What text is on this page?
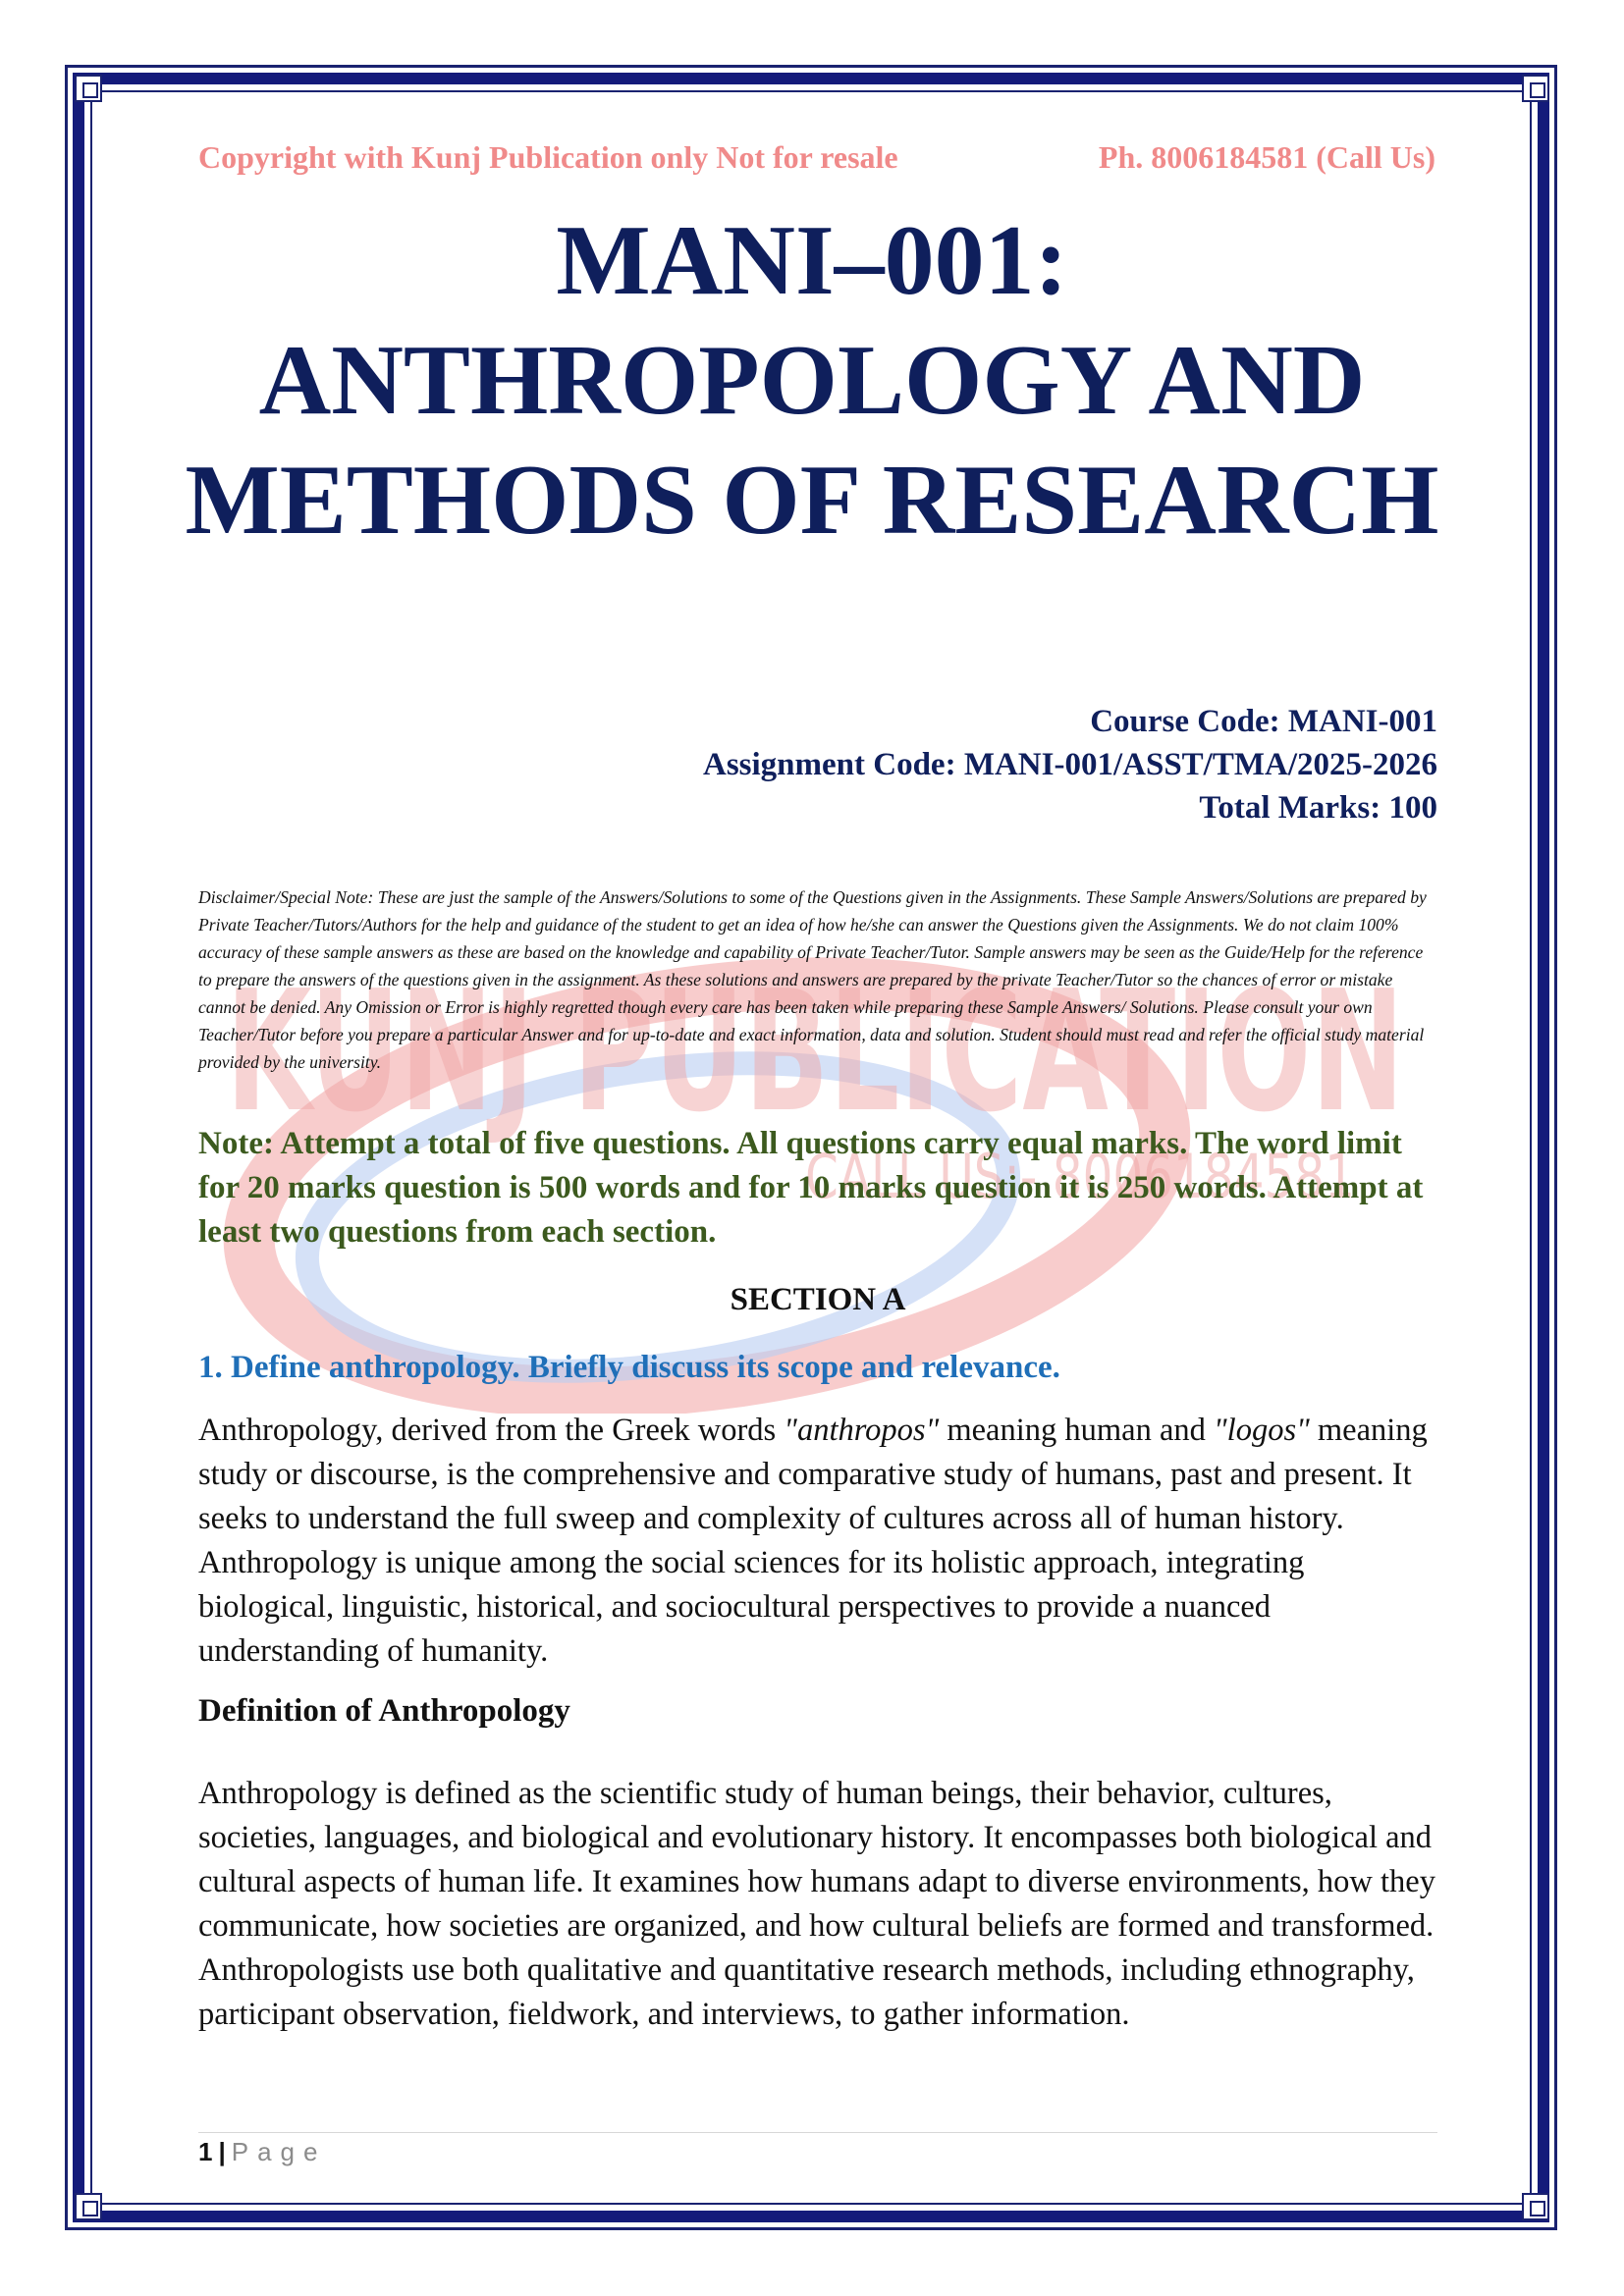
KUNJ PUBLICATION
CALL US:- 8006184581
Copyright with Kunj Publication only Not for resale	Ph. 8006184581 (Call Us)
MANI–001:
ANTHROPOLOGY AND
METHODS OF RESEARCH
Course Code: MANI-001
Assignment Code: MANI-001/ASST/TMA/2025-2026
Total Marks: 100
Disclaimer/Special Note: These are just the sample of the Answers/Solutions to some of the Questions given in the Assignments. These Sample Answers/Solutions are prepared by Private Teacher/Tutors/Authors for the help and guidance of the student to get an idea of how he/she can answer the Questions given the Assignments. We do not claim 100% accuracy of these sample answers as these are based on the knowledge and capability of Private Teacher/Tutor. Sample answers may be seen as the Guide/Help for the reference to prepare the answers of the questions given in the assignment. As these solutions and answers are prepared by the private Teacher/Tutor so the chances of error or mistake cannot be denied. Any Omission or Error is highly regretted though every care has been taken while preparing these Sample Answers/ Solutions. Please consult your own Teacher/Tutor before you prepare a particular Answer and for up-to-date and exact information, data and solution. Student should must read and refer the official study material provided by the university.
Note: Attempt a total of five questions. All questions carry equal marks. The word limit for 20 marks question is 500 words and for 10 marks question it is 250 words. Attempt at least two questions from each section.
SECTION A
1. Define anthropology. Briefly discuss its scope and relevance.
Anthropology, derived from the Greek words "anthropos" meaning human and "logos" meaning study or discourse, is the comprehensive and comparative study of humans, past and present. It seeks to understand the full sweep and complexity of cultures across all of human history. Anthropology is unique among the social sciences for its holistic approach, integrating biological, linguistic, historical, and sociocultural perspectives to provide a nuanced understanding of humanity.
Definition of Anthropology
Anthropology is defined as the scientific study of human beings, their behavior, cultures, societies, languages, and biological and evolutionary history. It encompasses both biological and cultural aspects of human life. It examines how humans adapt to diverse environments, how they communicate, how societies are organized, and how cultural beliefs are formed and transformed. Anthropologists use both qualitative and quantitative research methods, including ethnography, participant observation, fieldwork, and interviews, to gather information.
1 | Page
